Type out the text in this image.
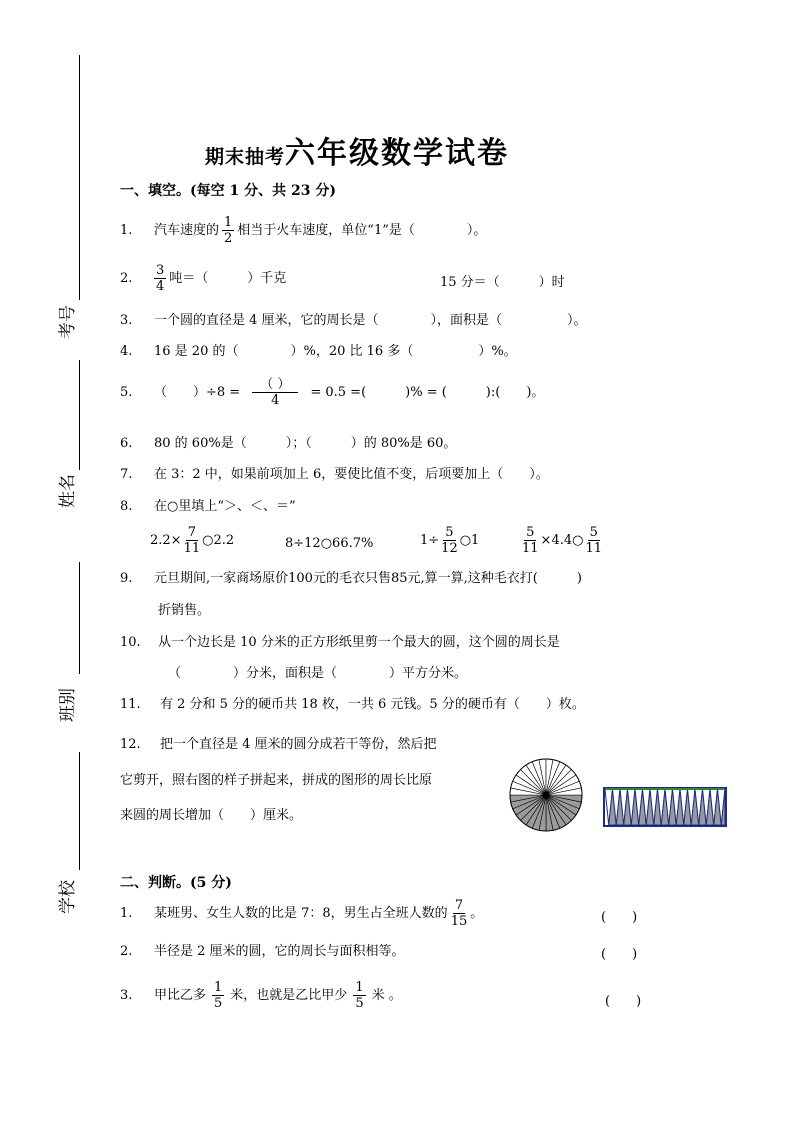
考号
姓名
班别
学校
期末抽考六年级数学试卷
一、填空。(每空 1 分、共 23 分)
1. 汽车速度的 $\frac{1}{2}$ 相当于火车速度，单位“1”是（　　　　）。
2. $\frac{3}{4}$ 吨＝（　　　）千克	15 分＝（　　　）时
3. 一个圆的直径是 4 厘米，它的周长是（　　　　），面积是（　　　　　）。
4. 16 是 20 的（　　　　）%，20 比 16 多（　　　　　）%。
5. （　　）$\div 8 = \frac{( )}{4} = 0.5$ =(　　　)% = (　　　):(　　)。
6. 80 的 60%是（　　　）；（　　　）的 80%是 60。
7. 在 3：2 中，如果前项加上 6，要使比值不变，后项要加上（　　）。
8. 在○里填上“＞、＜、＝”
$2.2\times \frac{7}{11}$ ○2.2	8÷12○66.7%	$1\div \frac{5}{12}$ ○1	$\frac{5}{11}$ ×4.4○ $\frac{5}{11}$
9. 元旦期间,一家商场原价100元的毛衣只售85元,算一算,这种毛衣打(　　　)
折销售。
10. 从一个边长是 10 分米的正方形纸里剪一个最大的圆，这个圆的周长是
（　　　　）分米，面积是（　　　　）平方分米。
11. 有 2 分和 5 分的硬币共 18 枚，一共 6 元钱。5 分的硬币有（　　）枚。
12. 把一个直径是 4 厘米的圆分成若干等份，然后把
它剪开，照右图的样子拼起来，拼成的图形的周长比原
来圆的周长增加（　　）厘米。
二、判断。(5 分)
1. 某班男、女生人数的比是 7：8，男生占全班人数的 $\frac{7}{15}$ 。	(　　)
2. 半径是 2 厘米的圆，它的周长与面积相等。	(　　)
3. 甲比乙多 $\frac{1}{5}$ 米，也就是乙比甲少 $\frac{1}{5}$ 米 。	(　　)
